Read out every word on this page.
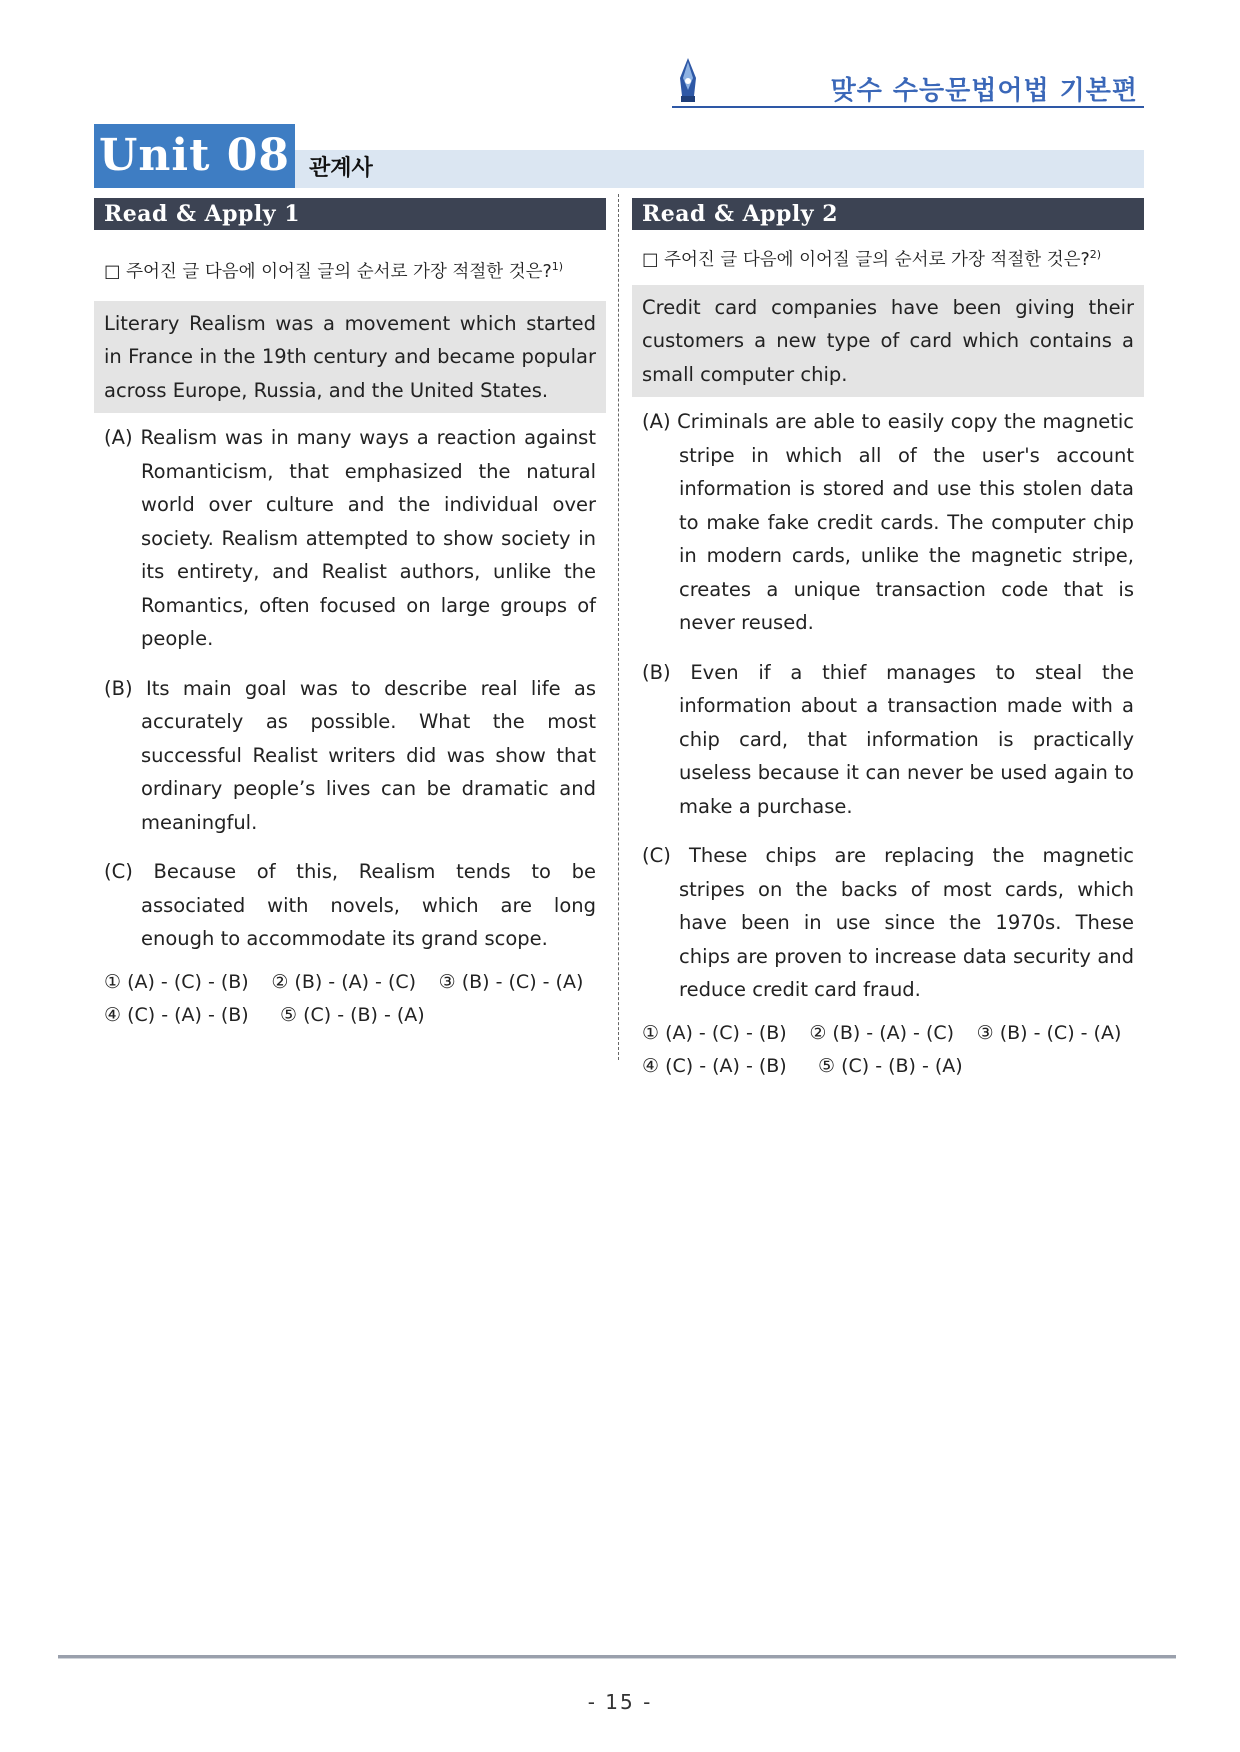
맞수 수능문법어법 기본편
Unit 08 관계사
Read & Apply 1
□ 주어진 글 다음에 이어질 글의 순서로 가장 적절한 것은?$^{1)}$
Literary Realism was a movement which started in France in the 19th century and became popular across Europe, Russia, and the United States.
(A) Realism was in many ways a reaction against Romanticism, that emphasized the natural world over culture and the individual over society. Realism attempted to show society in its entirety, and Realist authors, unlike the Romantics, often focused on large groups of people.
(B) Its main goal was to describe real life as accurately as possible. What the most successful Realist writers did was show that ordinary people’s lives can be dramatic and meaningful.
(C) Because of this, Realism tends to be associated with novels, which are long enough to accommodate its grand scope.
① (A) - (C) - (B)	② (B) - (A) - (C)	③ (B) - (C) - (A)
④ (C) - (A) - (B)	⑤ (C) - (B) - (A)
Read & Apply 2
□ 주어진 글 다음에 이어질 글의 순서로 가장 적절한 것은?$^{2)}$
Credit card companies have been giving their customers a new type of card which contains a small computer chip.
(A) Criminals are able to easily copy the magnetic stripe in which all of the user's account information is stored and use this stolen data to make fake credit cards. The computer chip in modern cards, unlike the magnetic stripe, creates a unique transaction code that is never reused.
(B) Even if a thief manages to steal the information about a transaction made with a chip card, that information is practically useless because it can never be used again to make a purchase.
(C) These chips are replacing the magnetic stripes on the backs of most cards, which have been in use since the 1970s. These chips are proven to increase data security and reduce credit card fraud.
① (A) - (C) - (B)	② (B) - (A) - (C)	③ (B) - (C) - (A)
④ (C) - (A) - (B)	⑤ (C) - (B) - (A)
- 15 -
